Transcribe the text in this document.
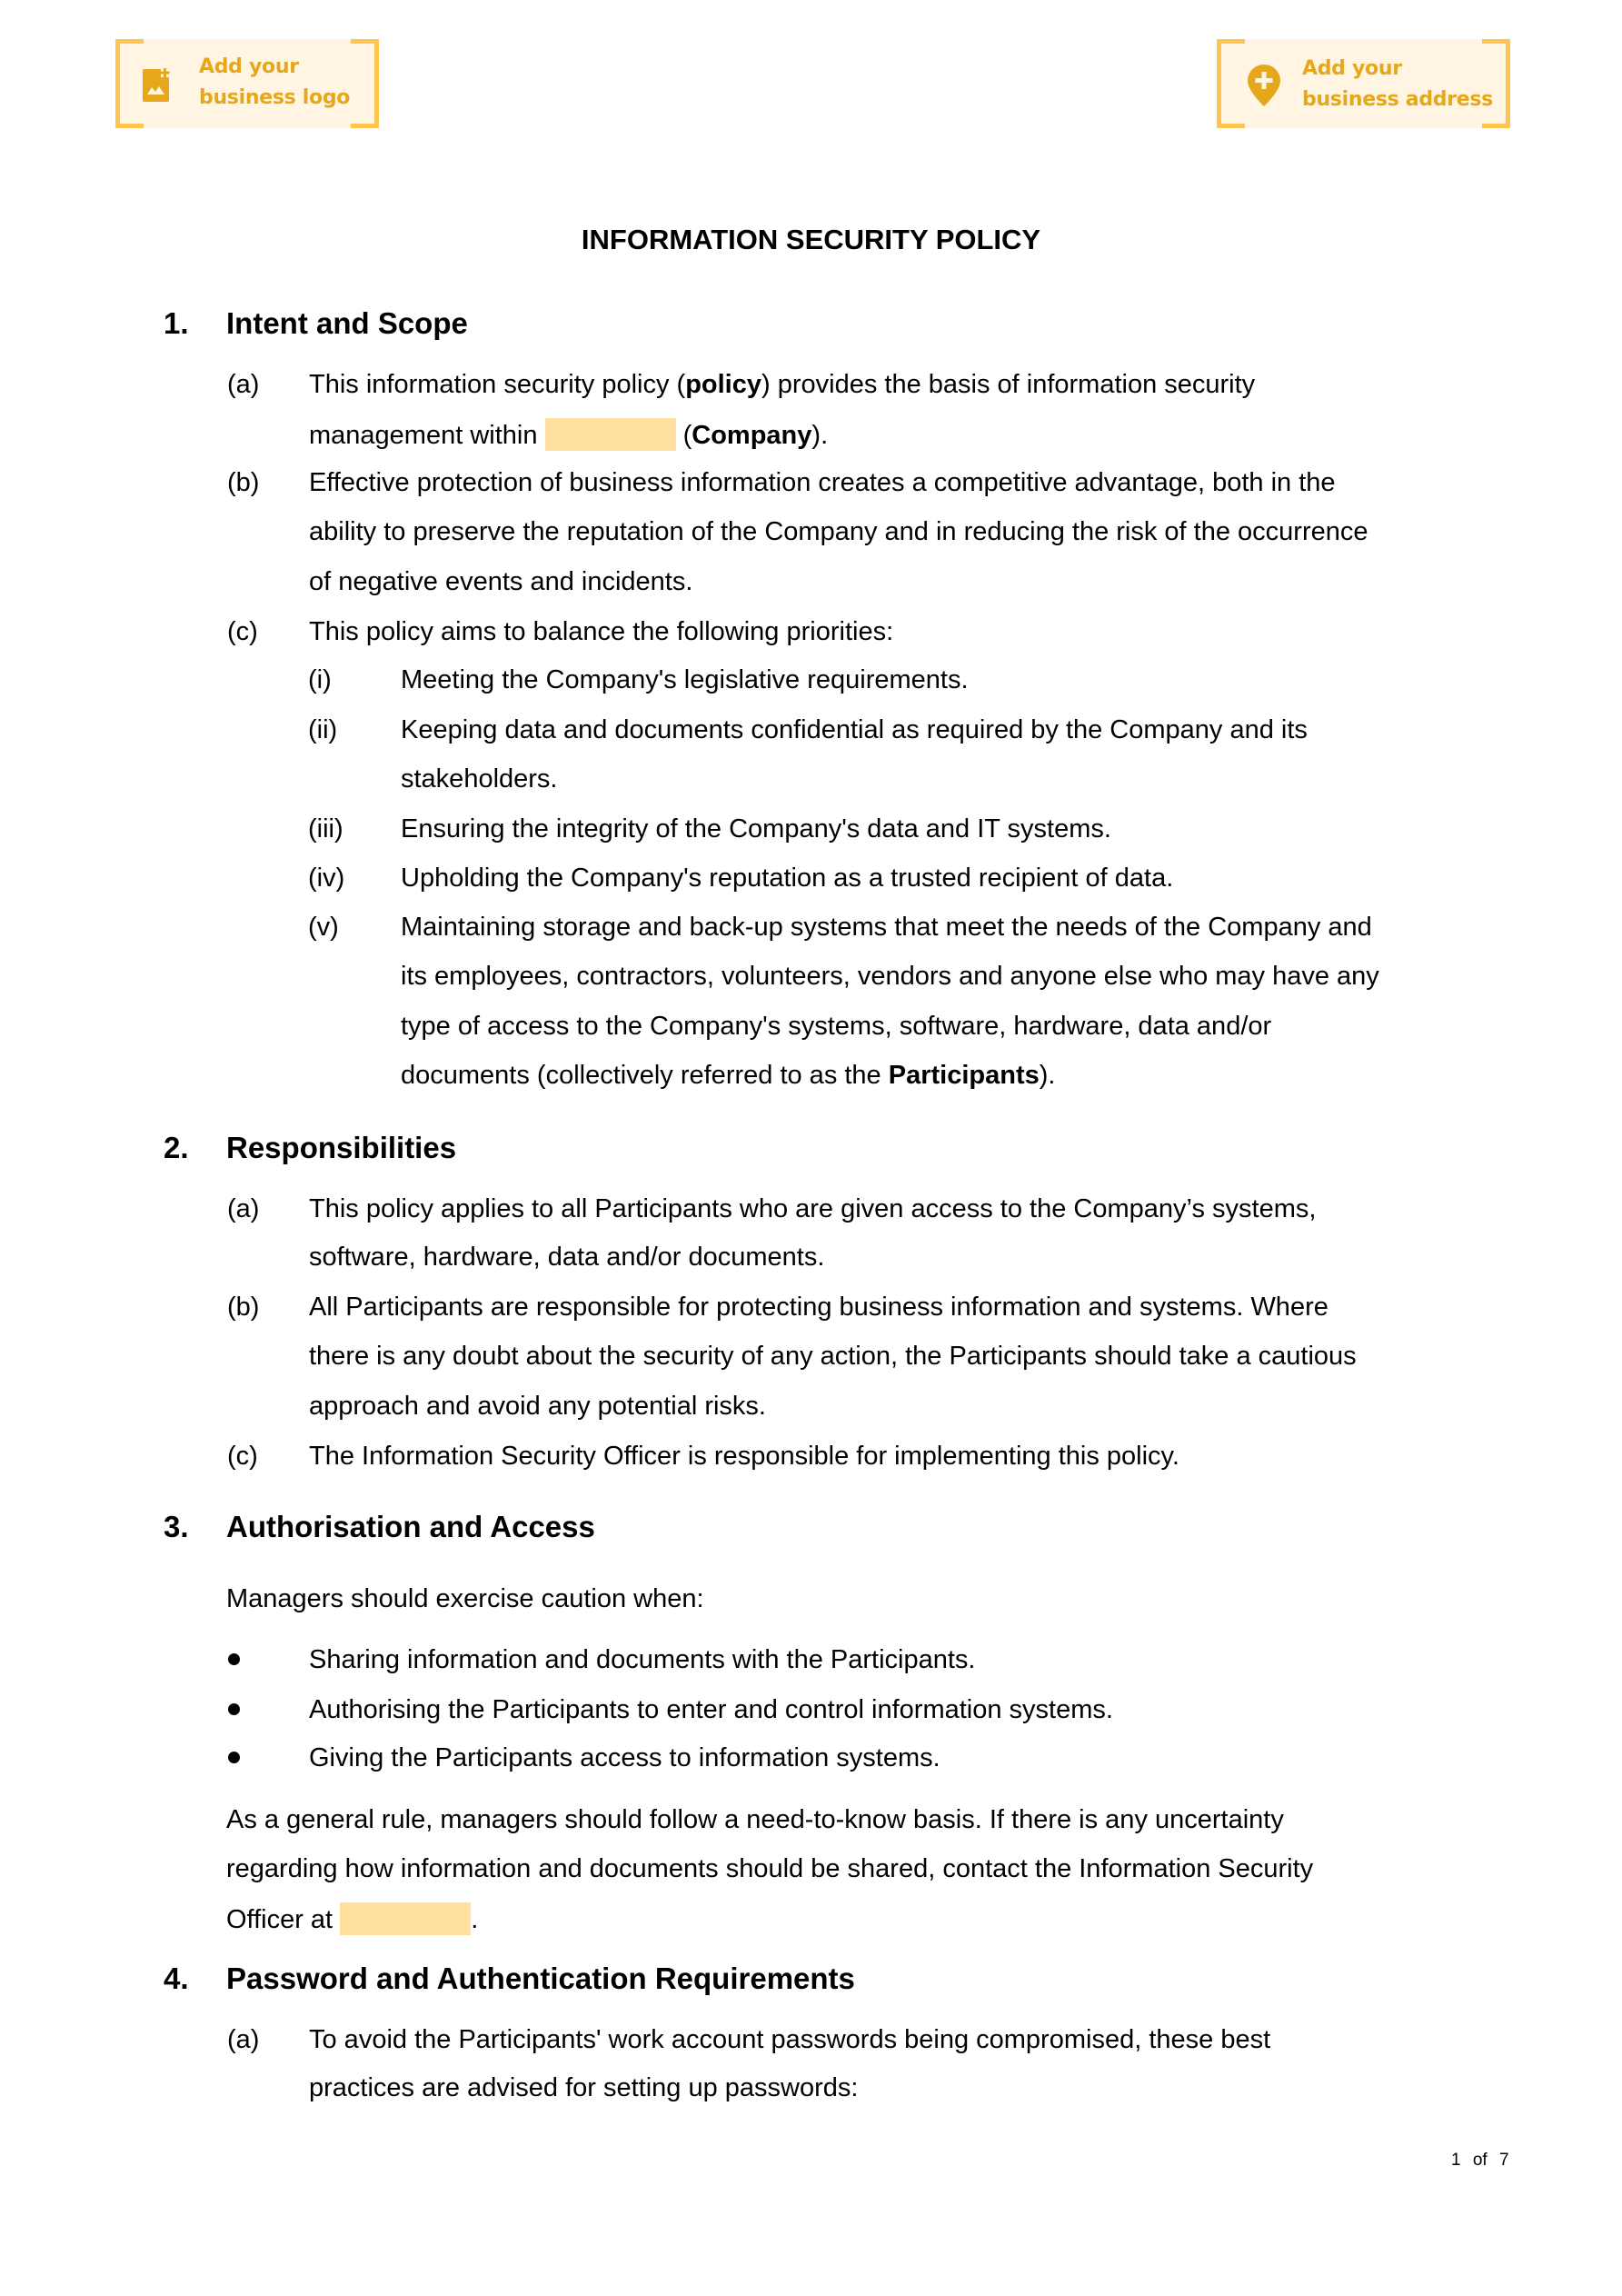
Add your
business logo
Add your
business address
INFORMATION SECURITY POLICY
1. Intent and Scope
(a) This information security policy (policy) provides the basis of information security
management within	(Company).
(b) Effective protection of business information creates a competitive advantage, both in the
ability to preserve the reputation of the Company and in reducing the risk of the occurrence
of negative events and incidents.
(c) This policy aims to balance the following priorities:
(i)	Meeting the Company's legislative requirements.
(ii) Keeping data and documents confidential as required by the Company and its
stakeholders.
(iii) Ensuring the integrity of the Company's data and IT systems.
(iv) Upholding the Company's reputation as a trusted recipient of data.
(v) Maintaining storage and back-up systems that meet the needs of the Company and
its employees, contractors, volunteers, vendors and anyone else who may have any
type of access to the Company's systems, software, hardware, data and/or
documents (collectively referred to as the Participants).
2. Responsibilities
(a) This policy applies to all Participants who are given access to the Company’s systems,
software, hardware, data and/or documents.
(b) All Participants are responsible for protecting business information and systems. Where
there is any doubt about the security of any action, the Participants should take a cautious
approach and avoid any potential risks.
(c) The Information Security Officer is responsible for implementing this policy.
3. Authorisation and Access
Managers should exercise caution when:
Sharing information and documents with the Participants.
Authorising the Participants to enter and control information systems.
Giving the Participants access to information systems.
As a general rule, managers should follow a need-to-know basis. If there is any uncertainty
regarding how information and documents should be shared, contact the Information Security
Officer at	.
4. Password and Authentication Requirements
(a) To avoid the Participants' work account passwords being compromised, these best
practices are advised for setting up passwords:
1 of 7
